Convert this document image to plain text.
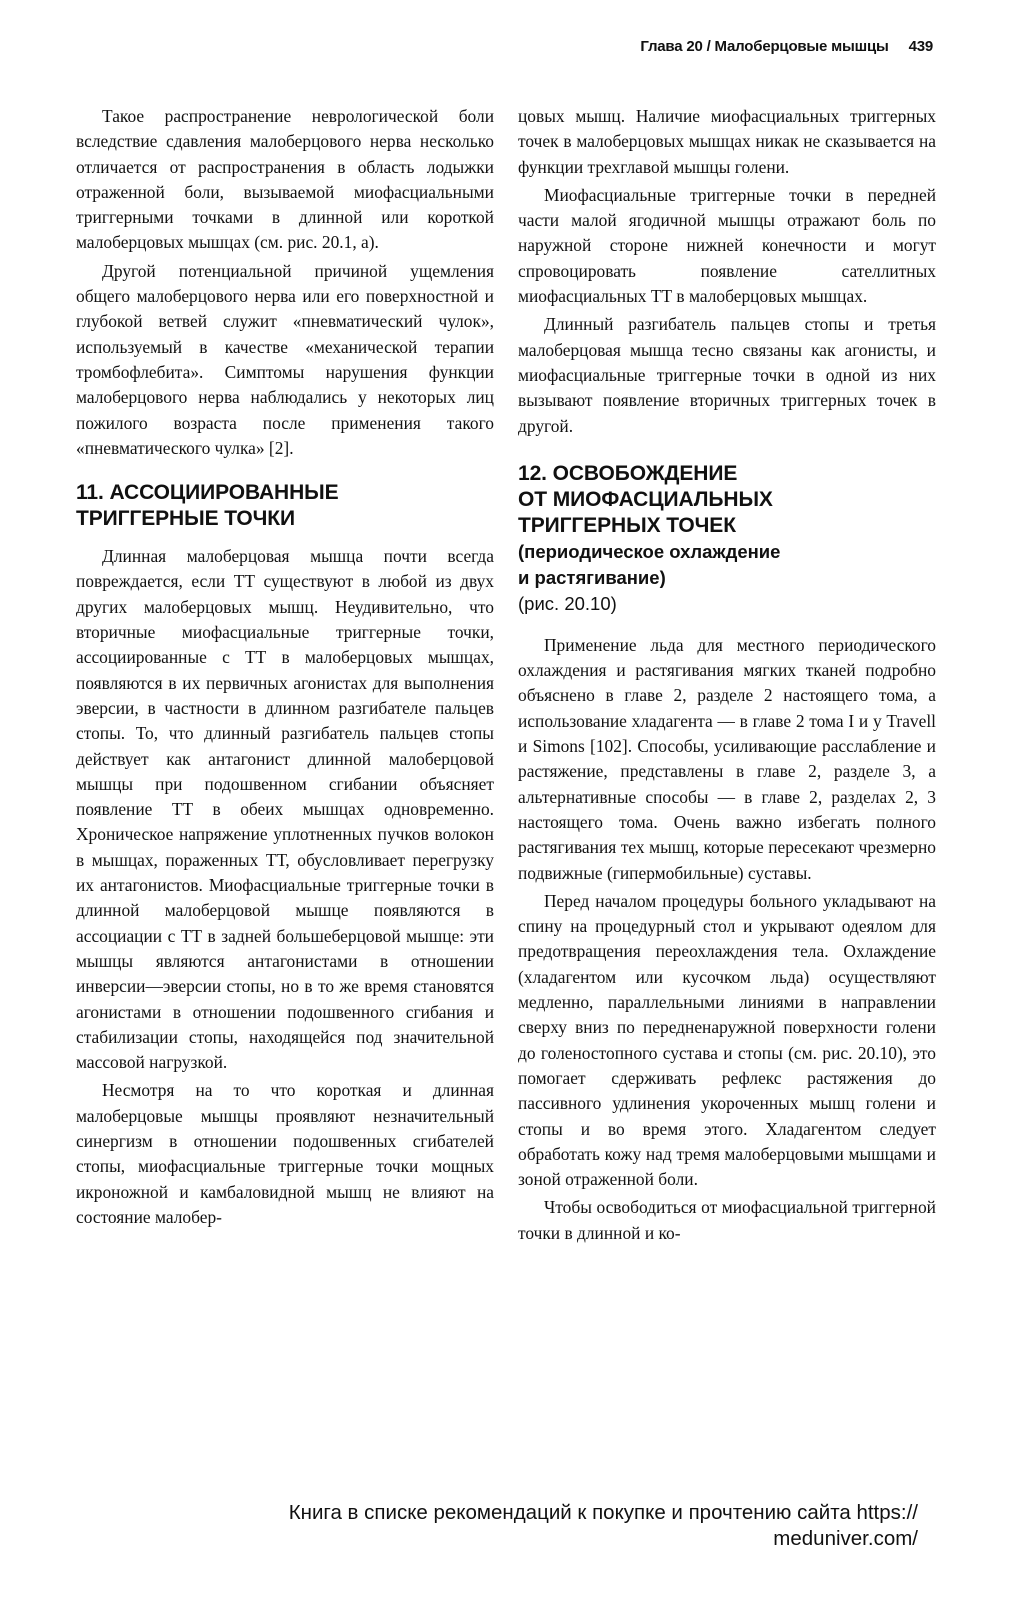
Глава 20 / Малоберцовые мышцы 439

Такое распространение неврологической боли вследствие сдавления малоберцового нерва несколько отличается от распространения в область лодыжки отраженной боли, вызываемой миофасциальными триггерными точками в длинной или короткой малоберцовых мышцах (см. рис. 20.1, а).

Другой потенциальной причиной ущемления общего малоберцового нерва или его поверхностной и глубокой ветвей служит «пневматический чулок», используемый в качестве «механической терапии тромбофлебита». Симптомы нарушения функции малоберцового нерва наблюдались у некоторых лиц пожилого возраста после применения такого «пневматического чулка» [2].

11. АССОЦИИРОВАННЫЕ
ТРИГГЕРНЫЕ ТОЧКИ

Длинная малоберцовая мышца почти всегда повреждается, если ТТ существуют в любой из двух других малоберцовых мышц. Неудивительно, что вторичные миофасциальные триггерные точки, ассоциированные с ТТ в малоберцовых мышцах, появляются в их первичных агонистах для выполнения эверсии, в частности в длинном разгибателе пальцев стопы. То, что длинный разгибатель пальцев стопы действует как антагонист длинной малоберцовой мышцы при подошвенном сгибании объясняет появление ТТ в обеих мышцах одновременно. Хроническое напряжение уплотненных пучков волокон в мышцах, пораженных ТТ, обусловливает перегрузку их антагонистов. Миофасциальные триггерные точки в длинной малоберцовой мышце появляются в ассоциации с ТТ в задней большеберцовой мышце: эти мышцы являются антагонистами в отношении инверсии—эверсии стопы, но в то же время становятся агонистами в отношении подошвенного сгибания и стабилизации стопы, находящейся под значительной массовой нагрузкой.

Несмотря на то что короткая и длинная малоберцовые мышцы проявляют незначительный синергизм в отношении подошвенных сгибателей стопы, миофасциальные триггерные точки мощных икроножной и камбаловидной мышц не влияют на состояние малобер-

цовых мышц. Наличие миофасциальных триггерных точек в малоберцовых мышцах никак не сказывается на функции трехглавой мышцы голени.

Миофасциальные триггерные точки в передней части малой ягодичной мышцы отражают боль по наружной стороне нижней конечности и могут спровоцировать появление сателлитных миофасциальных ТТ в малоберцовых мышцах.

Длинный разгибатель пальцев стопы и третья малоберцовая мышца тесно связаны как агонисты, и миофасциальные триггерные точки в одной из них вызывают появление вторичных триггерных точек в другой.

12. ОСВОБОЖДЕНИЕ
ОТ МИОФАСЦИАЛЬНЫХ
ТРИГГЕРНЫХ ТОЧЕК
(периодическое охлаждение
и растягивание)
(рис. 20.10)

Применение льда для местного периодического охлаждения и растягивания мягких тканей подробно объяснено в главе 2, разделе 2 настоящего тома, а использование хладагента — в главе 2 тома I и у Travell и Simons [102]. Способы, усиливающие расслабление и растяжение, представлены в главе 2, разделе 3, а альтернативные способы — в главе 2, разделах 2, 3 настоящего тома. Очень важно избегать полного растягивания тех мышц, которые пересекают чрезмерно подвижные (гипермобильные) суставы.

Перед началом процедуры больного укладывают на спину на процедурный стол и укрывают одеялом для предотвращения переохлаждения тела. Охлаждение (хладагентом или кусочком льда) осуществляют медленно, параллельными линиями в направлении сверху вниз по передненаружной поверхности голени до голеностопного сустава и стопы (см. рис. 20.10), это помогает сдерживать рефлекс растяжения до пассивного удлинения укороченных мышц голени и стопы и во время этого. Хладагентом следует обработать кожу над тремя малоберцовыми мышцами и зоной отраженной боли.

Чтобы освободиться от миофасциальной триггерной точки в длинной и ко-

Книга в списке рекомендаций к покупке и прочтению сайта https://
meduniver.com/
